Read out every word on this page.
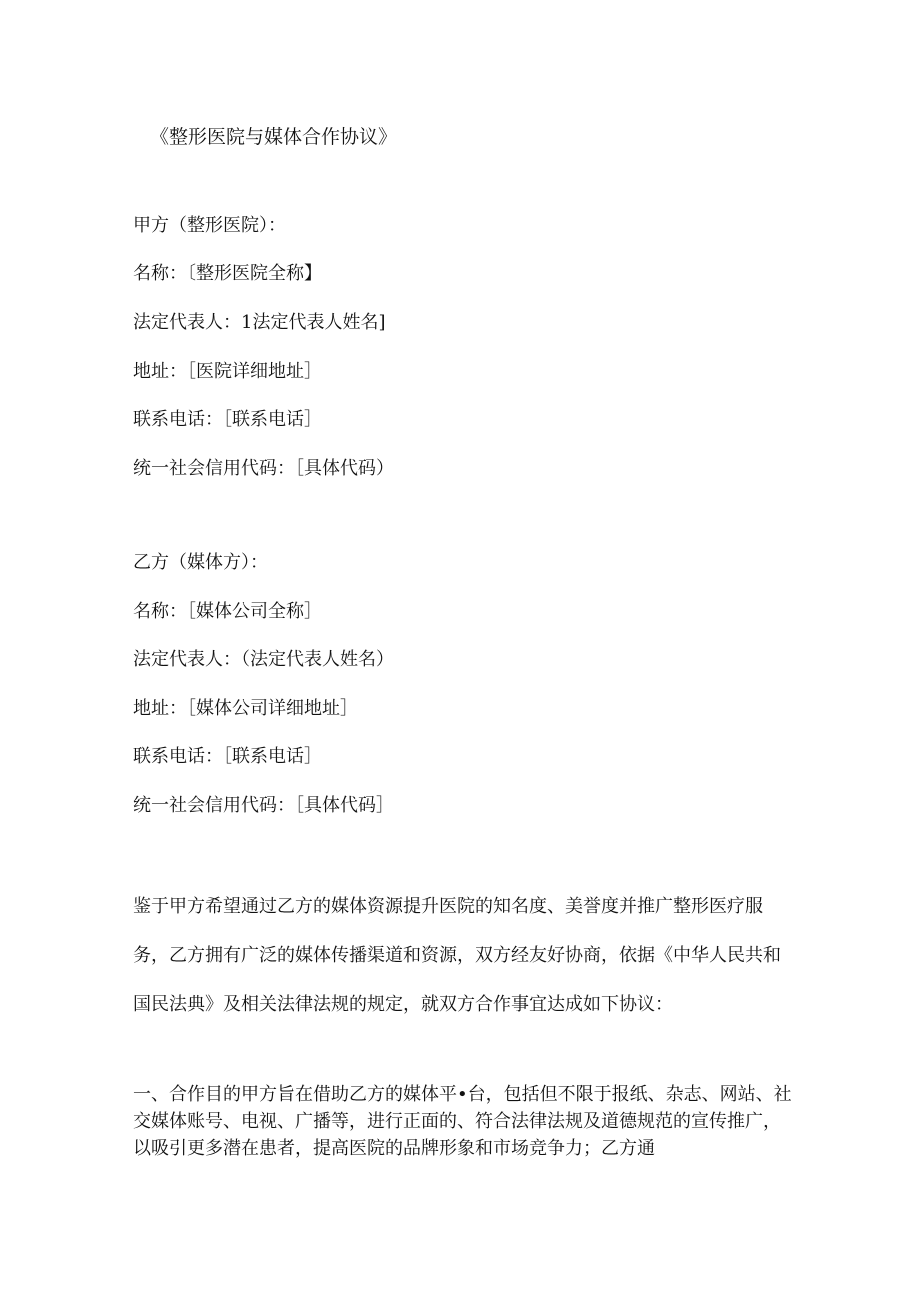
《整形医院与媒体合作协议》
甲方（整形医院）：
名称：〔整形医院全称】
法定代表人：1法定代表人姓名]
地址：［医院详细地址］
联系电话：［联系电话］
统一社会信用代码：［具体代码）
乙方（媒体方）：
名称：［媒体公司全称］
法定代表人：（法定代表人姓名）
地址：［媒体公司详细地址］
联系电话：［联系电话］
统一社会信用代码：［具体代码］
鉴于甲方希望通过乙方的媒体资源提升医院的知名度、美誉度并推广整形医疗服务，乙方拥有广泛的媒体传播渠道和资源，双方经友好协商，依据《中华人民共和国民法典》及相关法律法规的规定，就双方合作事宜达成如下协议：
一、合作目的甲方旨在借助乙方的媒体平•台，包括但不限于报纸、杂志、网站、社交媒体账号、电视、广播等，进行正面的、符合法律法规及道德规范的宣传推广，以吸引更多潜在患者，提高医院的品牌形象和市场竞争力；乙方通
